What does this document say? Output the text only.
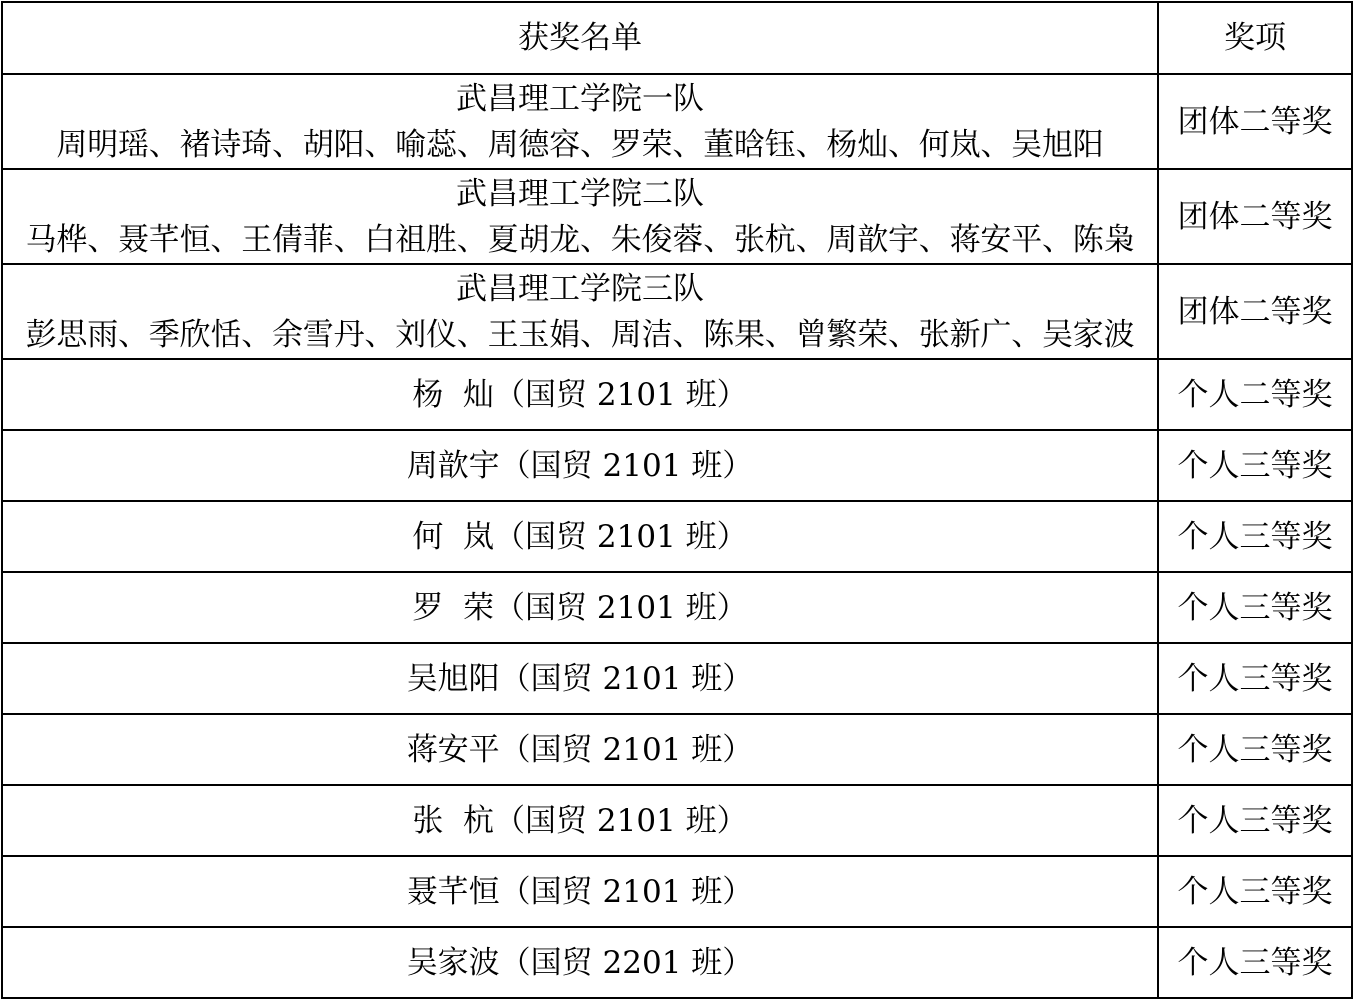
获奖名单	奖项

武昌理工学院一队
周明瑶、褚诗琦、胡阳、喻蕊、周德容、罗荣、董晗钰、杨灿、何岚、吴旭阳	团体二等奖

武昌理工学院二队
马桦、聂芊恒、王倩菲、白祖胜、夏胡龙、朱俊蓉、张杭、周歆宇、蒋安平、陈枭	团体二等奖

武昌理工学院三队
彭思雨、季欣恬、余雪丹、刘仪、王玉娟、周洁、陈果、曾繁荣、张新广、吴家波	团体二等奖
杨  灿（国贸 2101 班）	个人二等奖
周歆宇（国贸 2101 班）	个人三等奖
何  岚（国贸 2101 班）	个人三等奖
罗  荣（国贸 2101 班）	个人三等奖
吴旭阳（国贸 2101 班）	个人三等奖
蒋安平（国贸 2101 班）	个人三等奖
张  杭（国贸 2101 班）	个人三等奖
聂芊恒（国贸 2101 班）	个人三等奖
吴家波（国贸 2201 班）	个人三等奖
